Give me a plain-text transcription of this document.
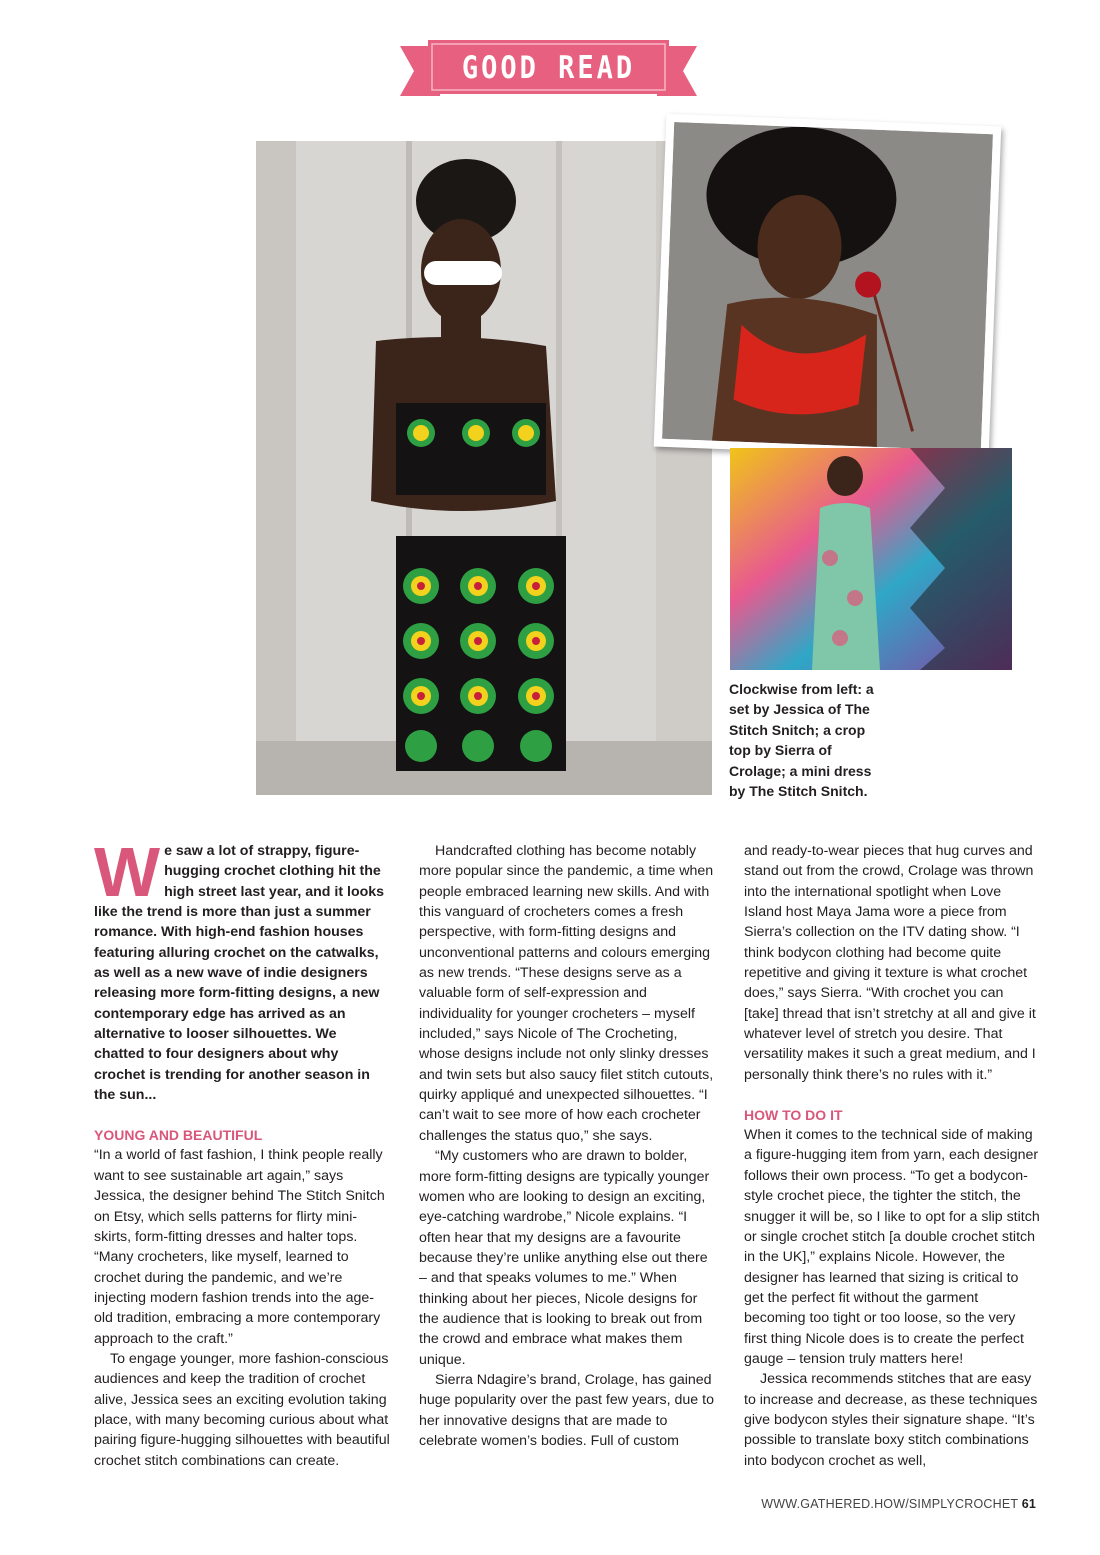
GOOD READ

Clockwise from left: a set by Jessica of The Stitch Snitch; a crop top by Sierra of Crolage; a mini dress by The Stitch Snitch.

We saw a lot of strappy, figure-hugging crochet clothing hit the high street last year, and it looks like the trend is more than just a summer romance. With high-end fashion houses featuring alluring crochet on the catwalks, as well as a new wave of indie designers releasing more form-fitting designs, a new contemporary edge has arrived as an alternative to looser silhouettes. We chatted to four designers about why crochet is trending for another season in the sun...

YOUNG AND BEAUTIFUL

“In a world of fast fashion, I think people really want to see sustainable art again,” says Jessica, the designer behind The Stitch Snitch on Etsy, which sells patterns for flirty mini-skirts, form-fitting dresses and halter tops. “Many crocheters, like myself, learned to crochet during the pandemic, and we’re injecting modern fashion trends into the age-old tradition, embracing a more contemporary approach to the craft.”

To engage younger, more fashion-conscious audiences and keep the tradition of crochet alive, Jessica sees an exciting evolution taking place, with many becoming curious about what pairing figure-hugging silhouettes with beautiful crochet stitch combinations can create.

Handcrafted clothing has become notably more popular since the pandemic, a time when people embraced learning new skills. And with this vanguard of crocheters comes a fresh perspective, with form-fitting designs and unconventional patterns and colours emerging as new trends. “These designs serve as a valuable form of self-expression and individuality for younger crocheters – myself included,” says Nicole of The Crocheting, whose designs include not only slinky dresses and twin sets but also saucy filet stitch cutouts, quirky appliqué and unexpected silhouettes. “I can’t wait to see more of how each crocheter challenges the status quo,” she says.

“My customers who are drawn to bolder, more form-fitting designs are typically younger women who are looking to design an exciting, eye-catching wardrobe,” Nicole explains. “I often hear that my designs are a favourite because they’re unlike anything else out there – and that speaks volumes to me.” When thinking about her pieces, Nicole designs for the audience that is looking to break out from the crowd and embrace what makes them unique.

Sierra Ndagire’s brand, Crolage, has gained huge popularity over the past few years, due to her innovative designs that are made to celebrate women’s bodies. Full of custom

and ready-to-wear pieces that hug curves and stand out from the crowd, Crolage was thrown into the international spotlight when Love Island host Maya Jama wore a piece from Sierra’s collection on the ITV dating show. “I think bodycon clothing had become quite repetitive and giving it texture is what crochet does,” says Sierra. “With crochet you can [take] thread that isn’t stretchy at all and give it whatever level of stretch you desire. That versatility makes it such a great medium, and I personally think there’s no rules with it.”

HOW TO DO IT

When it comes to the technical side of making a figure-hugging item from yarn, each designer follows their own process. “To get a bodycon-style crochet piece, the tighter the stitch, the snugger it will be, so I like to opt for a slip stitch or single crochet stitch [a double crochet stitch in the UK],” explains Nicole. However, the designer has learned that sizing is critical to get the perfect fit without the garment becoming too tight or too loose, so the very first thing Nicole does is to create the perfect gauge – tension truly matters here!

Jessica recommends stitches that are easy to increase and decrease, as these techniques give bodycon styles their signature shape. “It’s possible to translate boxy stitch combinations into bodycon crochet as well,

WWW.GATHERED.HOW/SIMPLYCROCHET 61
